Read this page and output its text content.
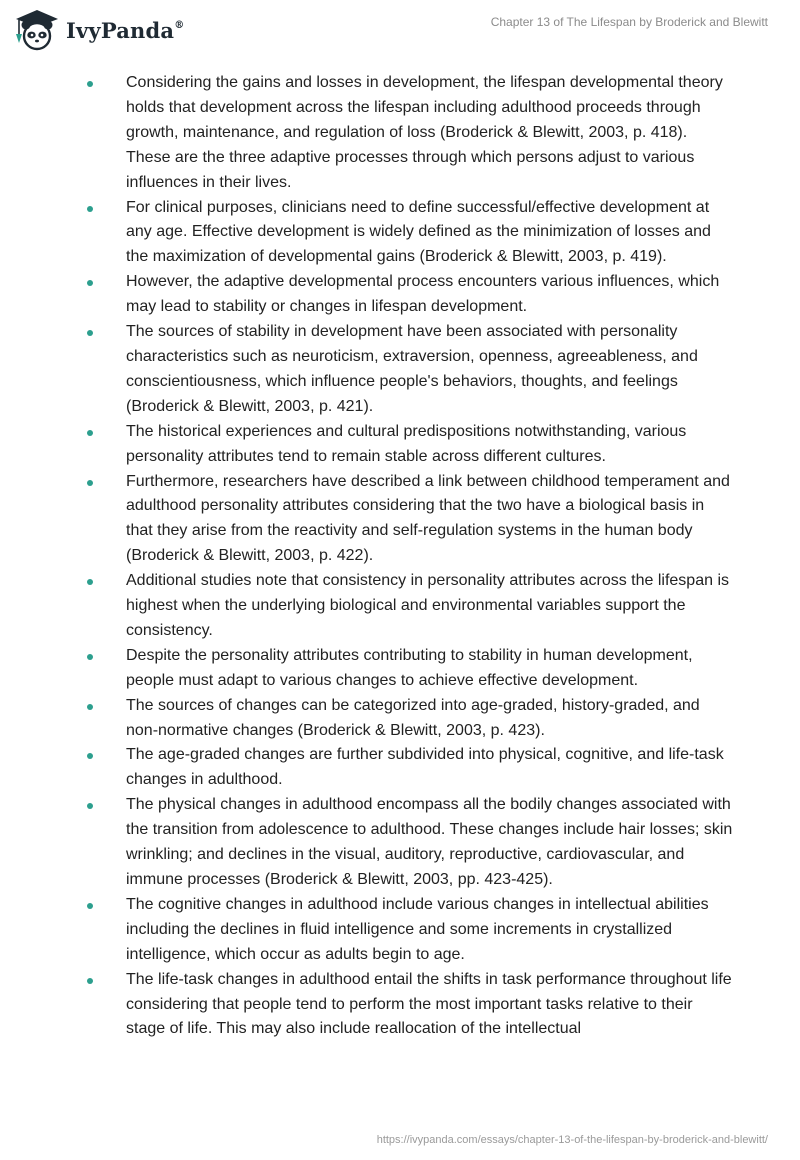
IvyPanda®	Chapter 13 of The Lifespan by Broderick and Blewitt
Considering the gains and losses in development, the lifespan developmental theory holds that development across the lifespan including adulthood proceeds through growth, maintenance, and regulation of loss (Broderick & Blewitt, 2003, p. 418). These are the three adaptive processes through which persons adjust to various influences in their lives.
For clinical purposes, clinicians need to define successful/effective development at any age. Effective development is widely defined as the minimization of losses and the maximization of developmental gains (Broderick & Blewitt, 2003, p. 419).
However, the adaptive developmental process encounters various influences, which may lead to stability or changes in lifespan development.
The sources of stability in development have been associated with personality characteristics such as neuroticism, extraversion, openness, agreeableness, and conscientiousness, which influence people's behaviors, thoughts, and feelings (Broderick & Blewitt, 2003, p. 421).
The historical experiences and cultural predispositions notwithstanding, various personality attributes tend to remain stable across different cultures.
Furthermore, researchers have described a link between childhood temperament and adulthood personality attributes considering that the two have a biological basis in that they arise from the reactivity and self-regulation systems in the human body (Broderick & Blewitt, 2003, p. 422).
Additional studies note that consistency in personality attributes across the lifespan is highest when the underlying biological and environmental variables support the consistency.
Despite the personality attributes contributing to stability in human development, people must adapt to various changes to achieve effective development.
The sources of changes can be categorized into age-graded, history-graded, and non-normative changes (Broderick & Blewitt, 2003, p. 423).
The age-graded changes are further subdivided into physical, cognitive, and life-task changes in adulthood.
The physical changes in adulthood encompass all the bodily changes associated with the transition from adolescence to adulthood. These changes include hair losses; skin wrinkling; and declines in the visual, auditory, reproductive, cardiovascular, and immune processes (Broderick & Blewitt, 2003, pp. 423-425).
The cognitive changes in adulthood include various changes in intellectual abilities including the declines in fluid intelligence and some increments in crystallized intelligence, which occur as adults begin to age.
The life-task changes in adulthood entail the shifts in task performance throughout life considering that people tend to perform the most important tasks relative to their stage of life. This may also include reallocation of the intellectual
https://ivypanda.com/essays/chapter-13-of-the-lifespan-by-broderick-and-blewitt/
